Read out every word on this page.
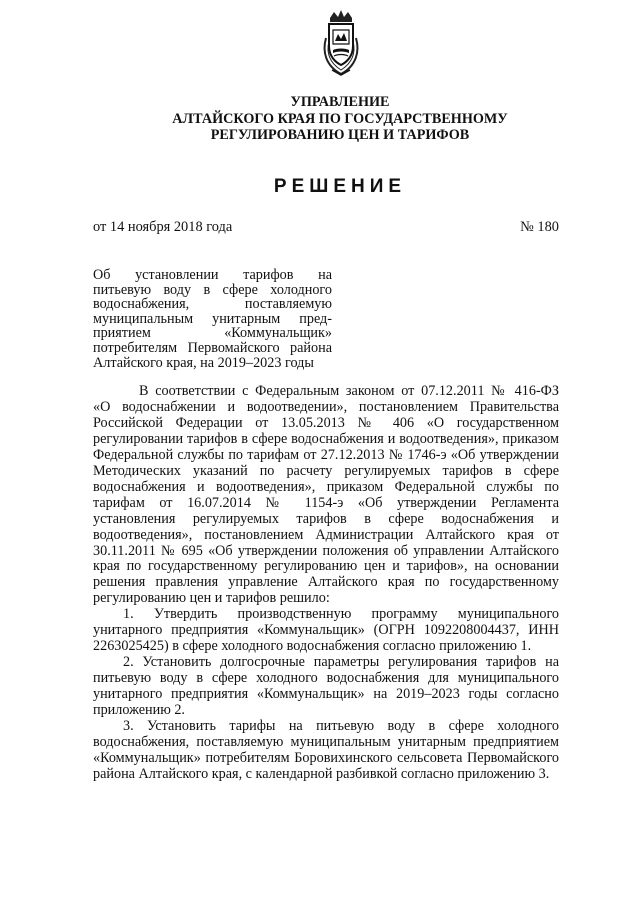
УПРАВЛЕНИЕ
АЛТАЙСКОГО КРАЯ ПО ГОСУДАРСТВЕННОМУ
РЕГУЛИРОВАНИЮ ЦЕН И ТАРИФОВ
РЕШЕНИЕ
от 14 ноября 2018 года	№ 180
Об установлении тарифов на
питьевую воду в сфере холодного
водоснабжения, поставляемую
муниципальным унитарным пред-
приятием «Коммунальщик»
потребителям Первомайского района
Алтайского края, на 2019–2023 годы
В соответствии с Федеральным законом от 07.12.2011 № 416-ФЗ
«О водоснабжении и водоотведении», постановлением Правительства
Российской Федерации от 13.05.2013 № 406 «О государственном
регулировании тарифов в сфере водоснабжения и водоотведения», приказом
Федеральной службы по тарифам от 27.12.2013 № 1746-э «Об утверждении
Методических указаний по расчету регулируемых тарифов в сфере
водоснабжения и водоотведения», приказом Федеральной службы по
тарифам от 16.07.2014 № 1154-э «Об утверждении Регламента
установления регулируемых тарифов в сфере водоснабжения и
водоотведения», постановлением Администрации Алтайского края от
30.11.2011 № 695 «Об утверждении положения об управлении Алтайского
края по государственному регулированию цен и тарифов», на основании
решения правления управление Алтайского края по государственному
регулированию цен и тарифов решило:
1. Утвердить производственную программу муниципального
унитарного предприятия «Коммунальщик» (ОГРН 1092208004437, ИНН
2263025425) в сфере холодного водоснабжения согласно приложению 1.
2. Установить долгосрочные параметры регулирования тарифов на
питьевую воду в сфере холодного водоснабжения для муниципального
унитарного предприятия «Коммунальщик» на 2019–2023 годы согласно
приложению 2.
3. Установить тарифы на питьевую воду в сфере холодного
водоснабжения, поставляемую муниципальным унитарным предприятием
«Коммунальщик» потребителям Боровихинского сельсовета Первомайского
района Алтайского края, с календарной разбивкой согласно приложению 3.
